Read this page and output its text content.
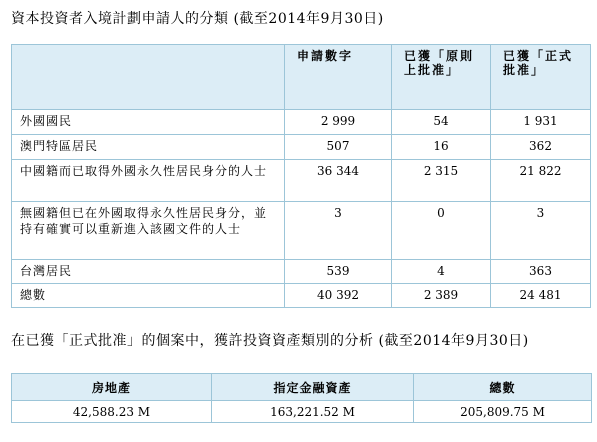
資本投資者入境計劃申請人的分類 (截至2014年9月30日)
	申請數字	已獲「原則上批准」	已獲「正式批准」
外國國民	2 999	54	1 931
澳門特區居民	507	16	362
中國籍而已取得外國永久性居民身分的人士	36 344	2 315	21 822
無國籍但已在外國取得永久性居民身分，並持有確實可以重新進入該國文件的人士	3	0	3
台灣居民	539	4	363
總數	40 392	2 389	24 481
在已獲「正式批准」的個案中，獲許投資資產類別的分析 (截至2014年9月30日)
房地產	指定金融資產	總數
42,588.23 M	163,221.52 M	205,809.75 M
